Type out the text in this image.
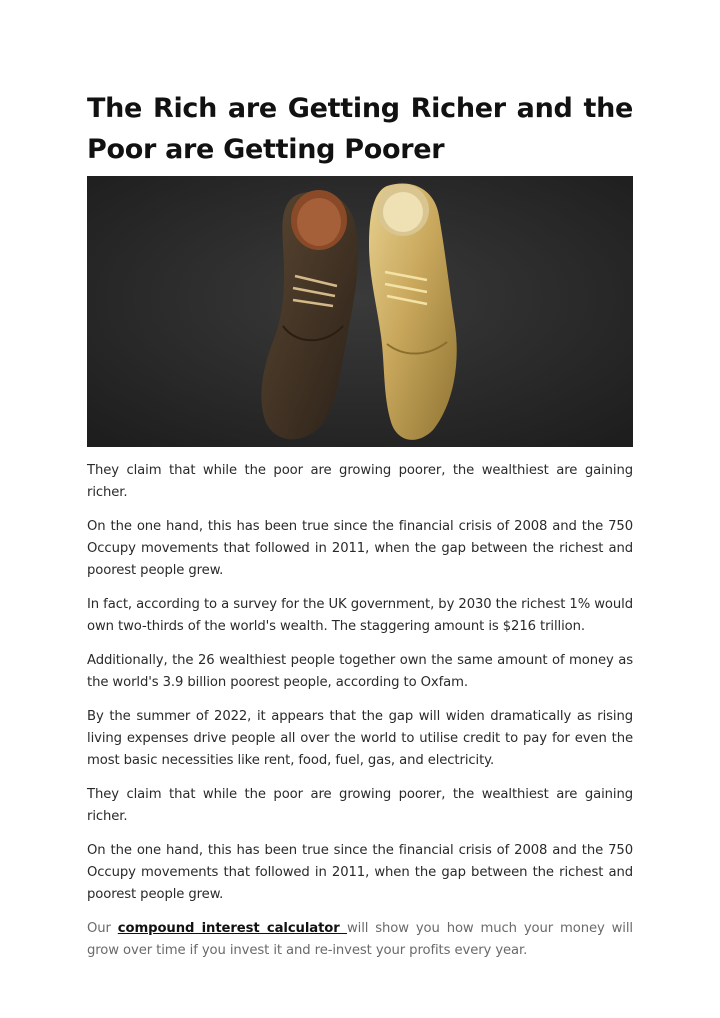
The Rich are Getting Richer and the Poor are Getting Poorer

They claim that while the poor are growing poorer, the wealthiest are gaining richer.

On the one hand, this has been true since the financial crisis of 2008 and the 750 Occupy movements that followed in 2011, when the gap between the richest and poorest people grew.

In fact, according to a survey for the UK government, by 2030 the richest 1% would own two-thirds of the world's wealth. The staggering amount is $216 trillion.

Additionally, the 26 wealthiest people together own the same amount of money as the world's 3.9 billion poorest people, according to Oxfam.

By the summer of 2022, it appears that the gap will widen dramatically as rising living expenses drive people all over the world to utilise credit to pay for even the most basic necessities like rent, food, fuel, gas, and electricity.

They claim that while the poor are growing poorer, the wealthiest are gaining richer.

On the one hand, this has been true since the financial crisis of 2008 and the 750 Occupy movements that followed in 2011, when the gap between the richest and poorest people grew.

Our compound interest calculator will show you how much your money will grow over time if you invest it and re-invest your profits every year.
